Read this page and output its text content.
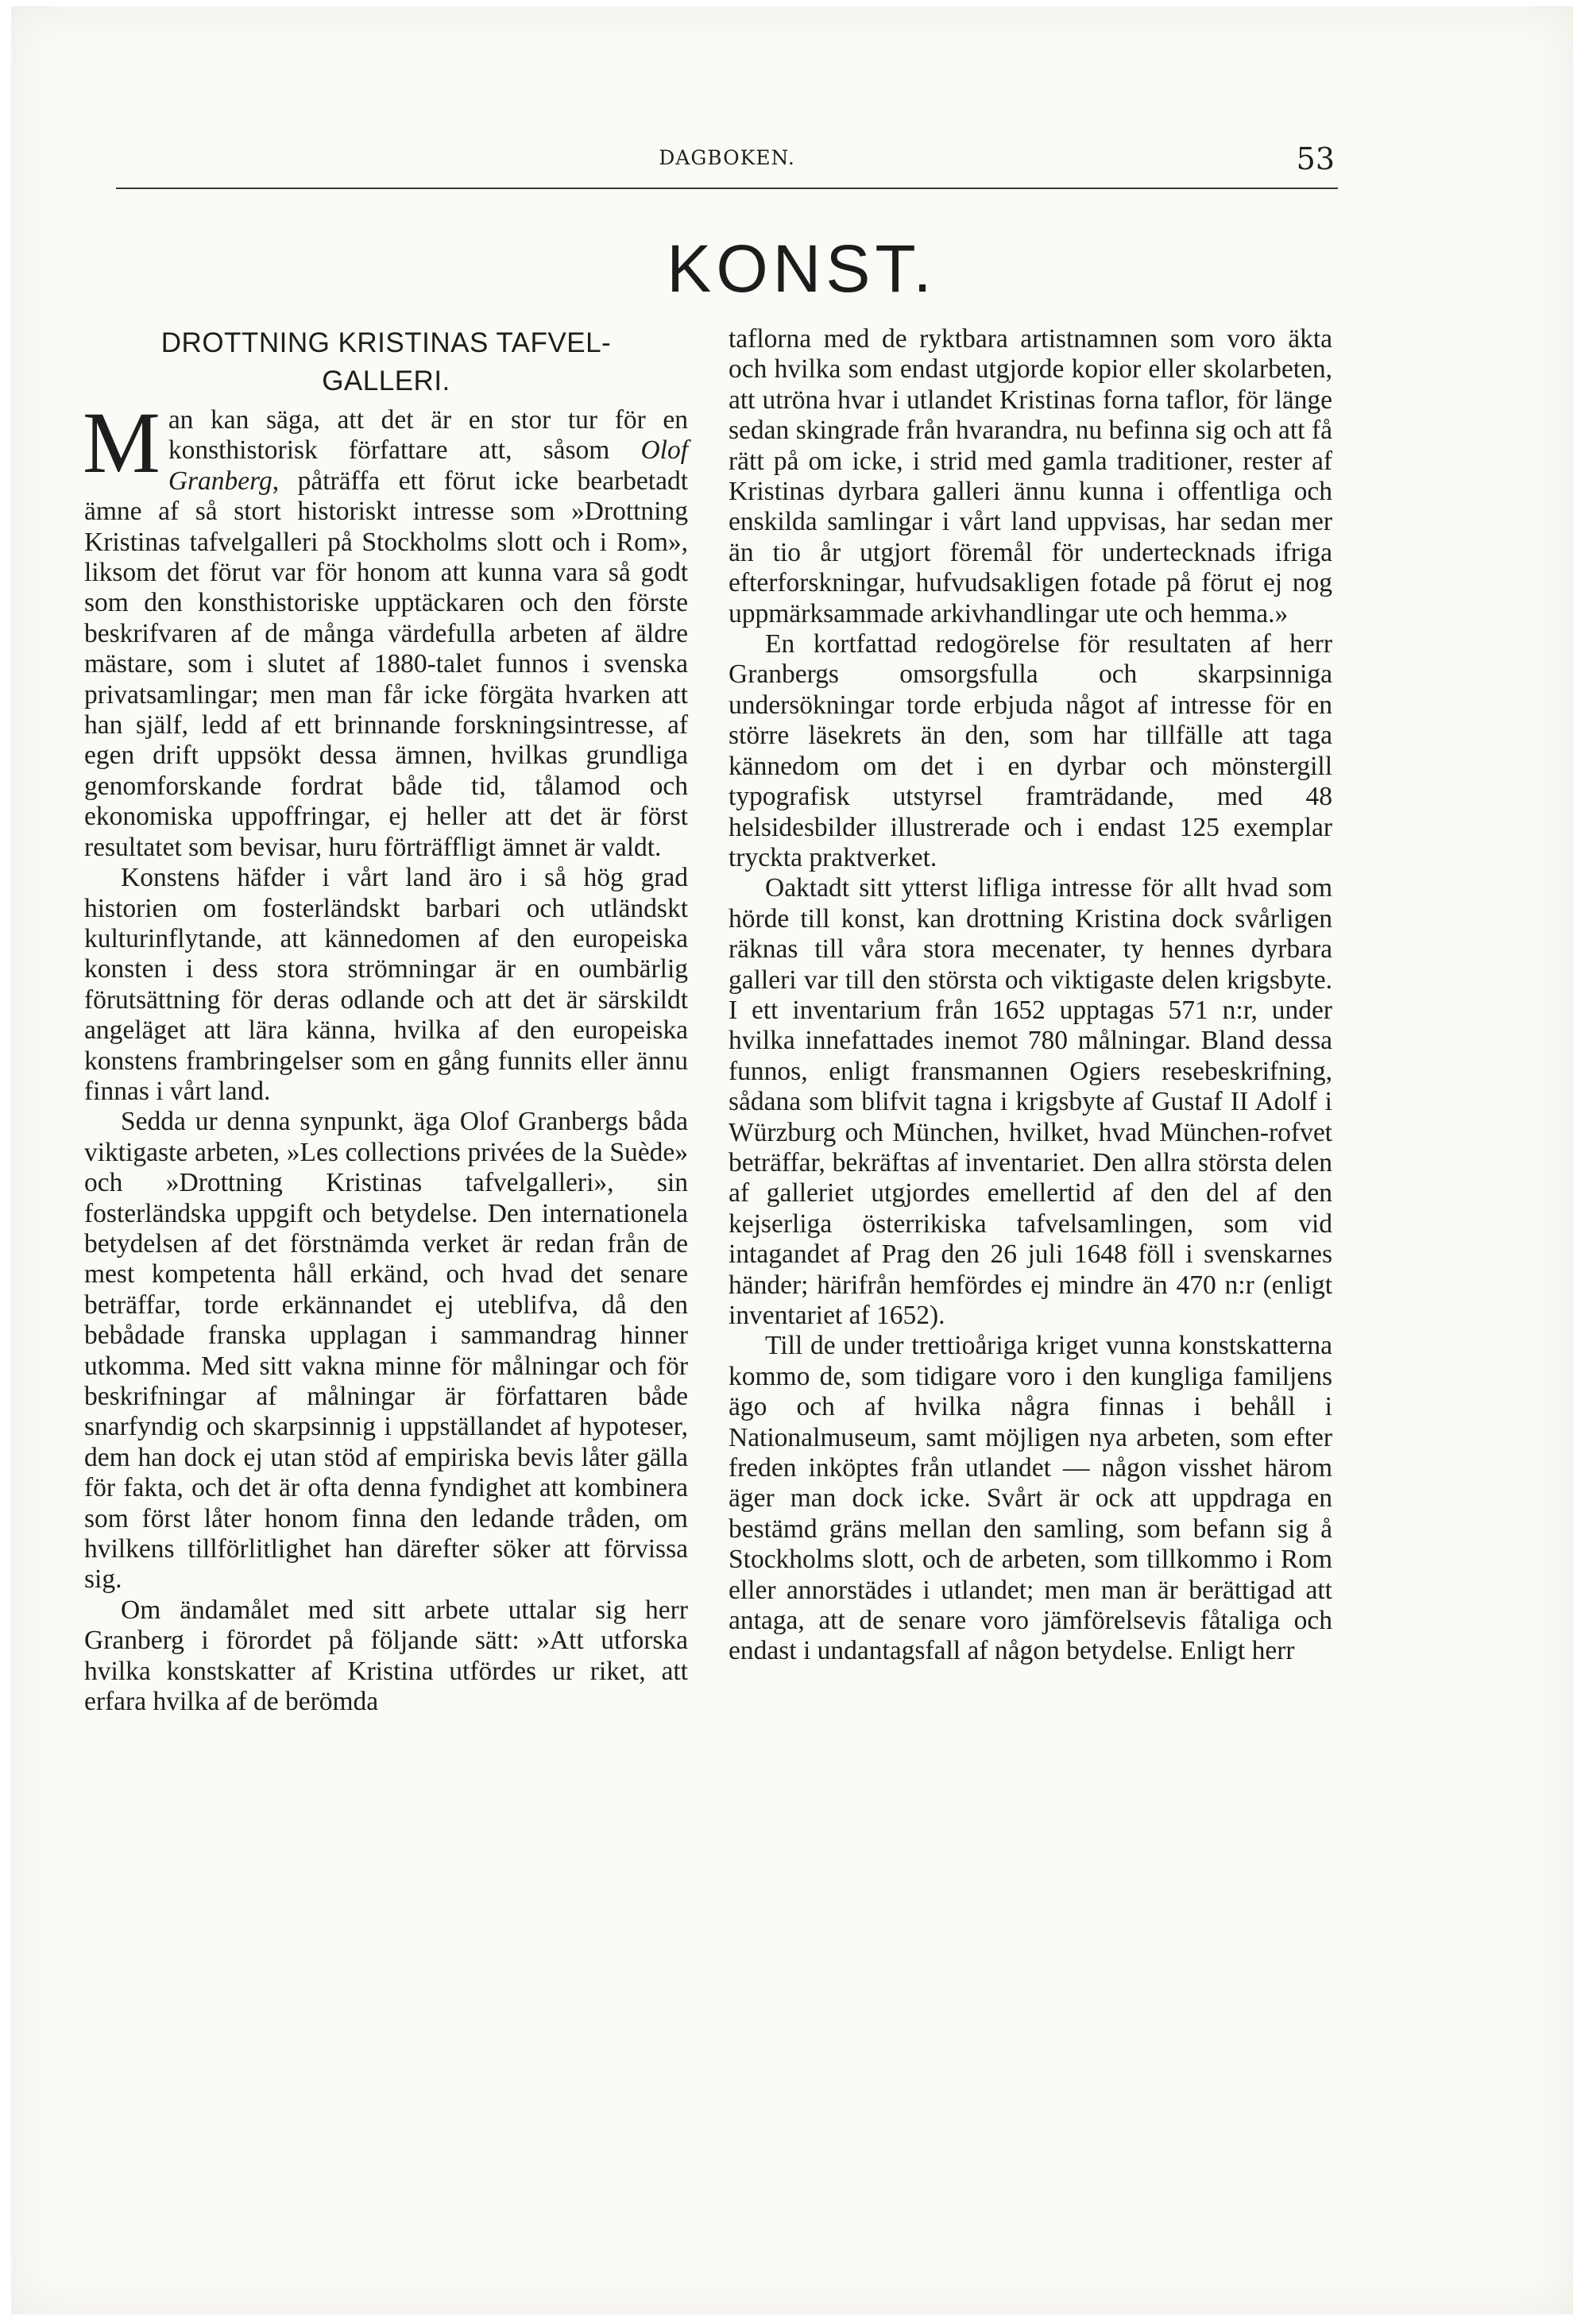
DAGBOKEN.	53
KONST.
DROTTNING KRISTINAS TAFVEL-
GALLERI.

Man kan säga, att det är en stor tur för en konsthistorisk författare att, såsom Olof Granberg, påträffa ett förut icke bearbetadt ämne af så stort historiskt intresse som »Drottning Kristinas tafvelgalleri på Stockholms slott och i Rom», liksom det förut var för honom att kunna vara så godt som den konsthistoriske upptäckaren och den förste beskrifvaren af de många värdefulla arbeten af äldre mästare, som i slutet af 1880-talet funnos i svenska privatsamlingar; men man får icke förgäta hvarken att han själf, ledd af ett brinnande forskningsintresse, af egen drift uppsökt dessa ämnen, hvilkas grundliga genomforskande fordrat både tid, tålamod och ekonomiska uppoffringar, ej heller att det är först resultatet som bevisar, huru förträffligt ämnet är valdt.

Konstens häfder i vårt land äro i så hög grad historien om fosterländskt barbari och utländskt kulturinflytande, att kännedomen af den europeiska konsten i dess stora strömningar är en oumbärlig förutsättning för deras odlande och att det är särskildt angeläget att lära känna, hvilka af den europeiska konstens frambringelser som en gång funnits eller ännu finnas i vårt land.

Sedda ur denna synpunkt, äga Olof Granbergs båda viktigaste arbeten, »Les collections privées de la Suède» och »Drottning Kristinas tafvelgalleri», sin fosterländska uppgift och betydelse. Den internationela betydelsen af det förstnämda verket är redan från de mest kompetenta håll erkänd, och hvad det senare beträffar, torde erkännandet ej uteblifva, då den bebådade franska upplagan i sammandrag hinner utkomma. Med sitt vakna minne för målningar och för beskrifningar af målningar är författaren både snarfyndig och skarpsinnig i uppställandet af hypoteser, dem han dock ej utan stöd af empiriska bevis låter gälla för fakta, och det är ofta denna fyndighet att kombinera som först låter honom finna den ledande tråden, om hvilkens tillförlitlighet han därefter söker att förvissa sig.

Om ändamålet med sitt arbete uttalar sig herr Granberg i förordet på följande sätt: »Att utforska hvilka konstskatter af Kristina utfördes ur riket, att erfara hvilka af de berömda

taflorna med de ryktbara artistnamnen som voro äkta och hvilka som endast utgjorde kopior eller skolarbeten, att utröna hvar i utlandet Kristinas forna taflor, för länge sedan skingrade från hvarandra, nu befinna sig och att få rätt på om icke, i strid med gamla traditioner, rester af Kristinas dyrbara galleri ännu kunna i offentliga och enskilda samlingar i vårt land uppvisas, har sedan mer än tio år utgjort föremål för undertecknads ifriga efterforskningar, hufvudsakligen fotade på förut ej nog uppmärksammade arkivhandlingar ute och hemma.»

En kortfattad redogörelse för resultaten af herr Granbergs omsorgsfulla och skarpsinniga undersökningar torde erbjuda något af intresse för en större läsekrets än den, som har tillfälle att taga kännedom om det i en dyrbar och mönstergill typografisk utstyrsel framträdande, med 48 helsidesbilder illustrerade och i endast 125 exemplar tryckta praktverket.

Oaktadt sitt ytterst lifliga intresse för allt hvad som hörde till konst, kan drottning Kristina dock svårligen räknas till våra stora mecenater, ty hennes dyrbara galleri var till den största och viktigaste delen krigsbyte. I ett inventarium från 1652 upptagas 571 n:r, under hvilka innefattades inemot 780 målningar. Bland dessa funnos, enligt fransmannen Ogiers resebeskrifning, sådana som blifvit tagna i krigsbyte af Gustaf II Adolf i Würzburg och München, hvilket, hvad München-rofvet beträffar, bekräftas af inventariet. Den allra största delen af galleriet utgjordes emellertid af den del af den kejserliga österrikiska tafvelsamlingen, som vid intagandet af Prag den 26 juli 1648 föll i svenskarnes händer; härifrån hemfördes ej mindre än 470 n:r (enligt inventariet af 1652).

Till de under trettioåriga kriget vunna konstskatterna kommo de, som tidigare voro i den kungliga familjens ägo och af hvilka några finnas i behåll i Nationalmuseum, samt möjligen nya arbeten, som efter freden inköptes från utlandet — någon visshet härom äger man dock icke. Svårt är ock att uppdraga en bestämd gräns mellan den samling, som befann sig å Stockholms slott, och de arbeten, som tillkommo i Rom eller annorstädes i utlandet; men man är berättigad att antaga, att de senare voro jämförelsevis fåtaliga och endast i undantagsfall af någon betydelse. Enligt herr
